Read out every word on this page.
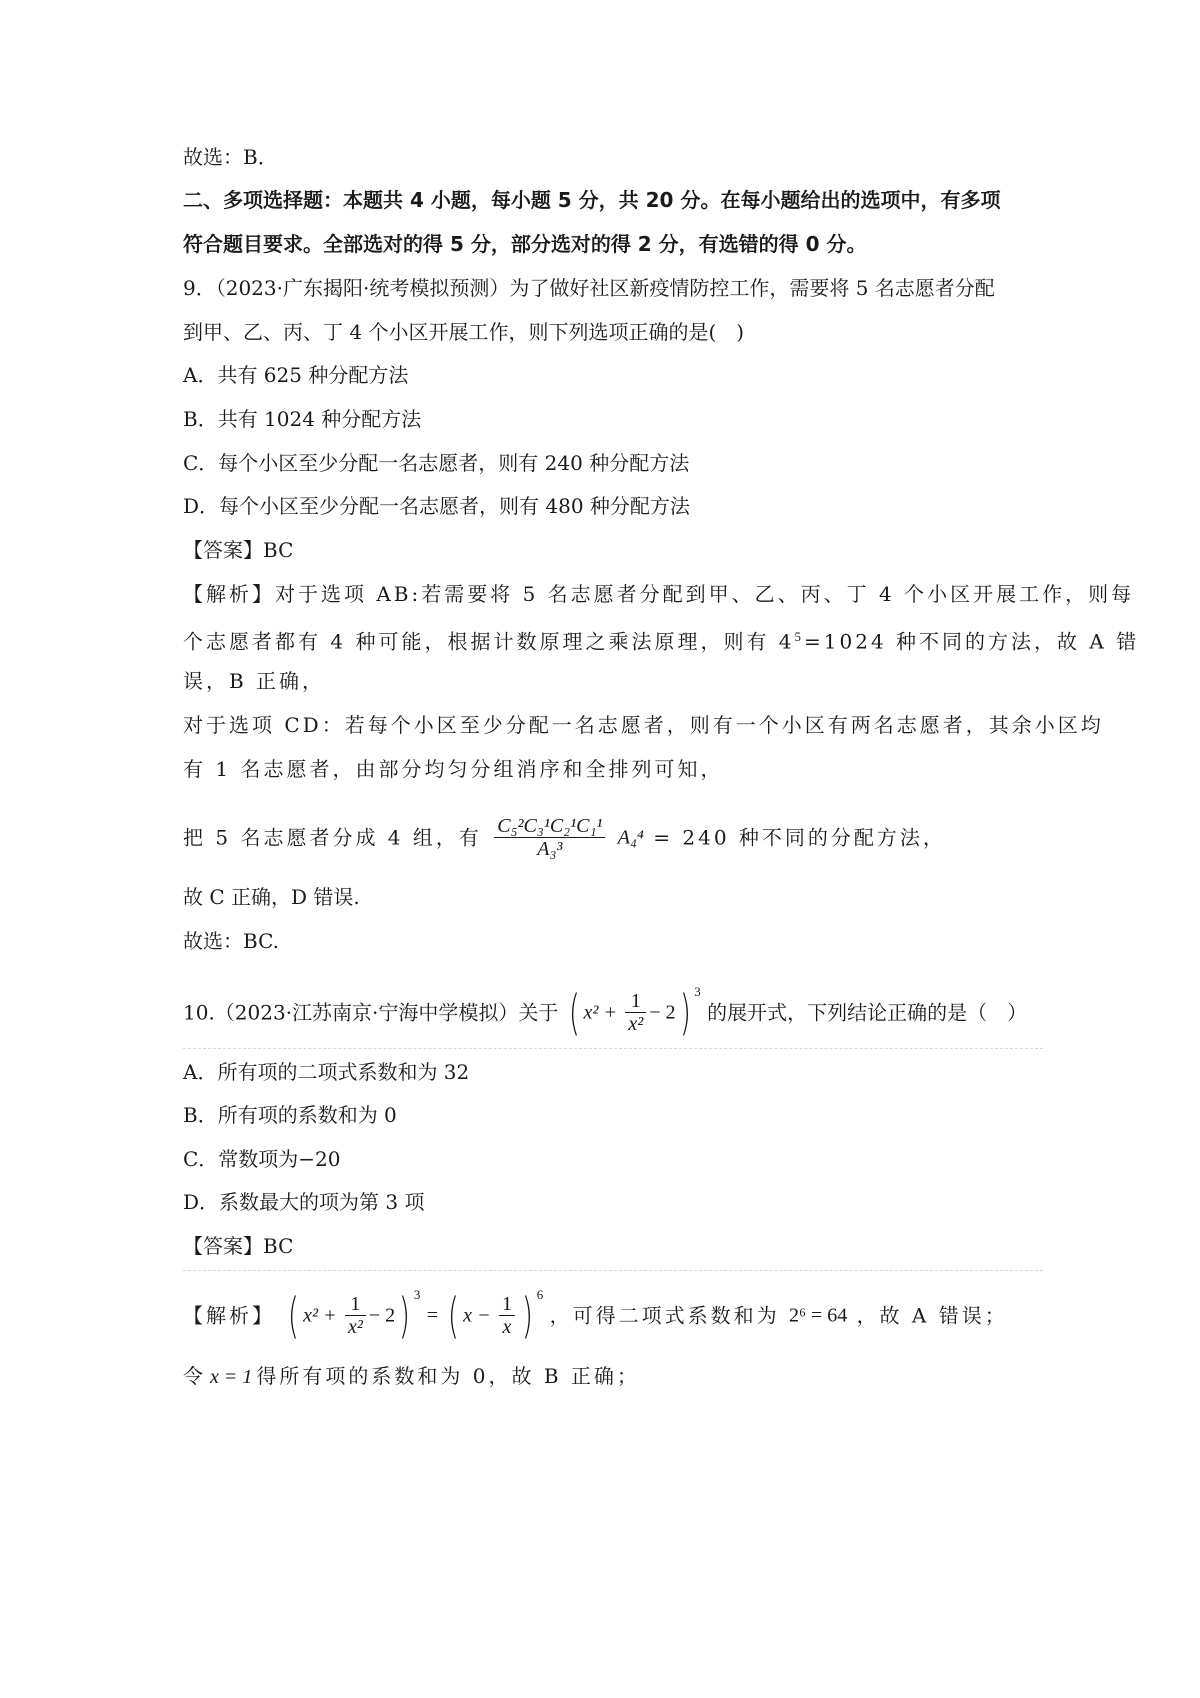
故选：B．
二、多项选择题：本题共 4 小题，每小题 5 分，共 20 分。在每小题给出的选项中，有多项
符合题目要求。全部选对的得 5 分，部分选对的得 2 分，有选错的得 0 分。
9．（2023·广东揭阳·统考模拟预测）为了做好社区新疫情防控工作，需要将 5 名志愿者分配
到甲、乙、丙、丁 4 个小区开展工作，则下列选项正确的是(　)
A．共有 625 种分配方法
B．共有 1024 种分配方法
C．每个小区至少分配一名志愿者，则有 240 种分配方法
D．每个小区至少分配一名志愿者，则有 480 种分配方法
【答案】BC
【解析】对于选项 AB:若需要将 5 名志愿者分配到甲、乙、丙、丁 4 个小区开展工作，则每
个志愿者都有 4 种可能，根据计数原理之乘法原理，则有 $4^5=1024$ 种不同的方法，故 A 错
误，B 正确，
对于选项 CD：若每个小区至少分配一名志愿者，则有一个小区有两名志愿者，其余小区均
有 1 名志愿者，由部分均匀分组消序和全排列可知，
把 5 名志愿者分成 4 组，有 $\frac{\text{C₅²C₃¹C₂¹C₁¹}}{\text{A₃³}} A_4^4 = 240$ 种不同的分配方法，
故 C 正确，D 错误.
故选：BC.
10.（2023·江苏南京·宁海中学模拟）关于 ( $x^2 + \frac{1}{\text{x²}} - 2$) $^3$ 的展开式，下列结论正确的是（　）
A．所有项的二项式系数和为 32
B．所有项的系数和为 0
C．常数项为−20
D．系数最大的项为第 3 项
【答案】BC
【解析】 ( $x^2 + \frac{1}{\text{x²}} - 2$) $^3$ = ( $x - \frac{1}{x}$ ) $^6$ ，可得二项式系数和为 2⁶ = 64 ，故 A 错误；
令 x = 1 得所有项的系数和为 0，故 B 正确；
